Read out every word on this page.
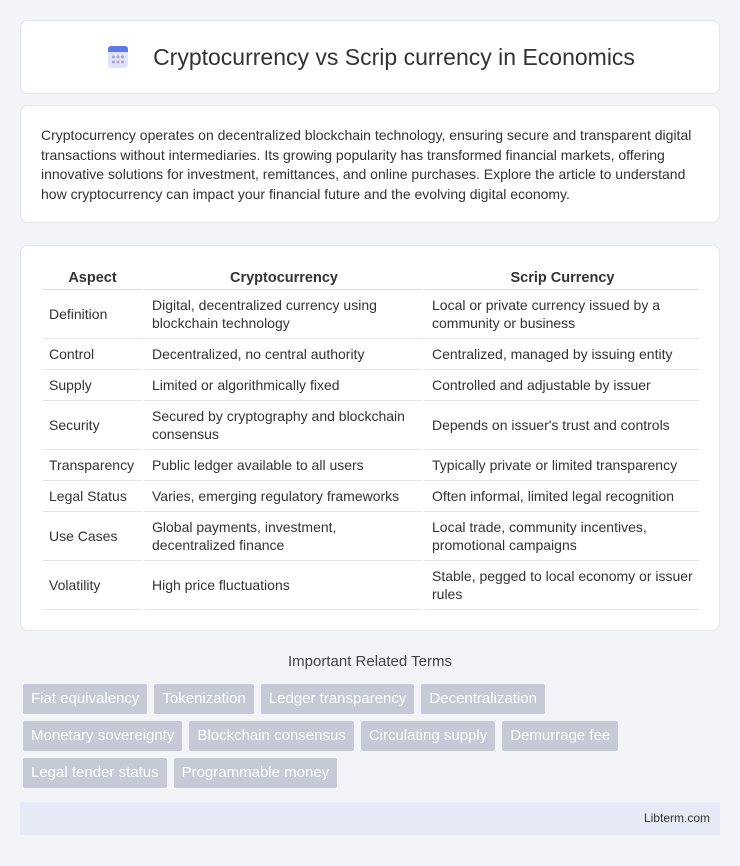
Cryptocurrency vs Scrip currency in Economics

Cryptocurrency operates on decentralized blockchain technology, ensuring secure and transparent digital transactions without intermediaries. Its growing popularity has transformed financial markets, offering innovative solutions for investment, remittances, and online purchases. Explore the article to understand how cryptocurrency can impact your financial future and the evolving digital economy.

Aspect	Cryptocurrency	Scrip Currency
Definition	Digital, decentralized currency using blockchain technology	Local or private currency issued by a community or business
Control	Decentralized, no central authority	Centralized, managed by issuing entity
Supply	Limited or algorithmically fixed	Controlled and adjustable by issuer
Security	Secured by cryptography and blockchain consensus	Depends on issuer's trust and controls
Transparency	Public ledger available to all users	Typically private or limited transparency
Legal Status	Varies, emerging regulatory frameworks	Often informal, limited legal recognition
Use Cases	Global payments, investment, decentralized finance	Local trade, community incentives, promotional campaigns
Volatility	High price fluctuations	Stable, pegged to local economy or issuer rules
Important Related Terms
Fiat equivalency	Tokenization	Ledger transparency	Decentralization
Monetary sovereignty	Blockchain consensus	Circulating supply	Demurrage fee
Legal tender status	Programmable money
Libterm.com
